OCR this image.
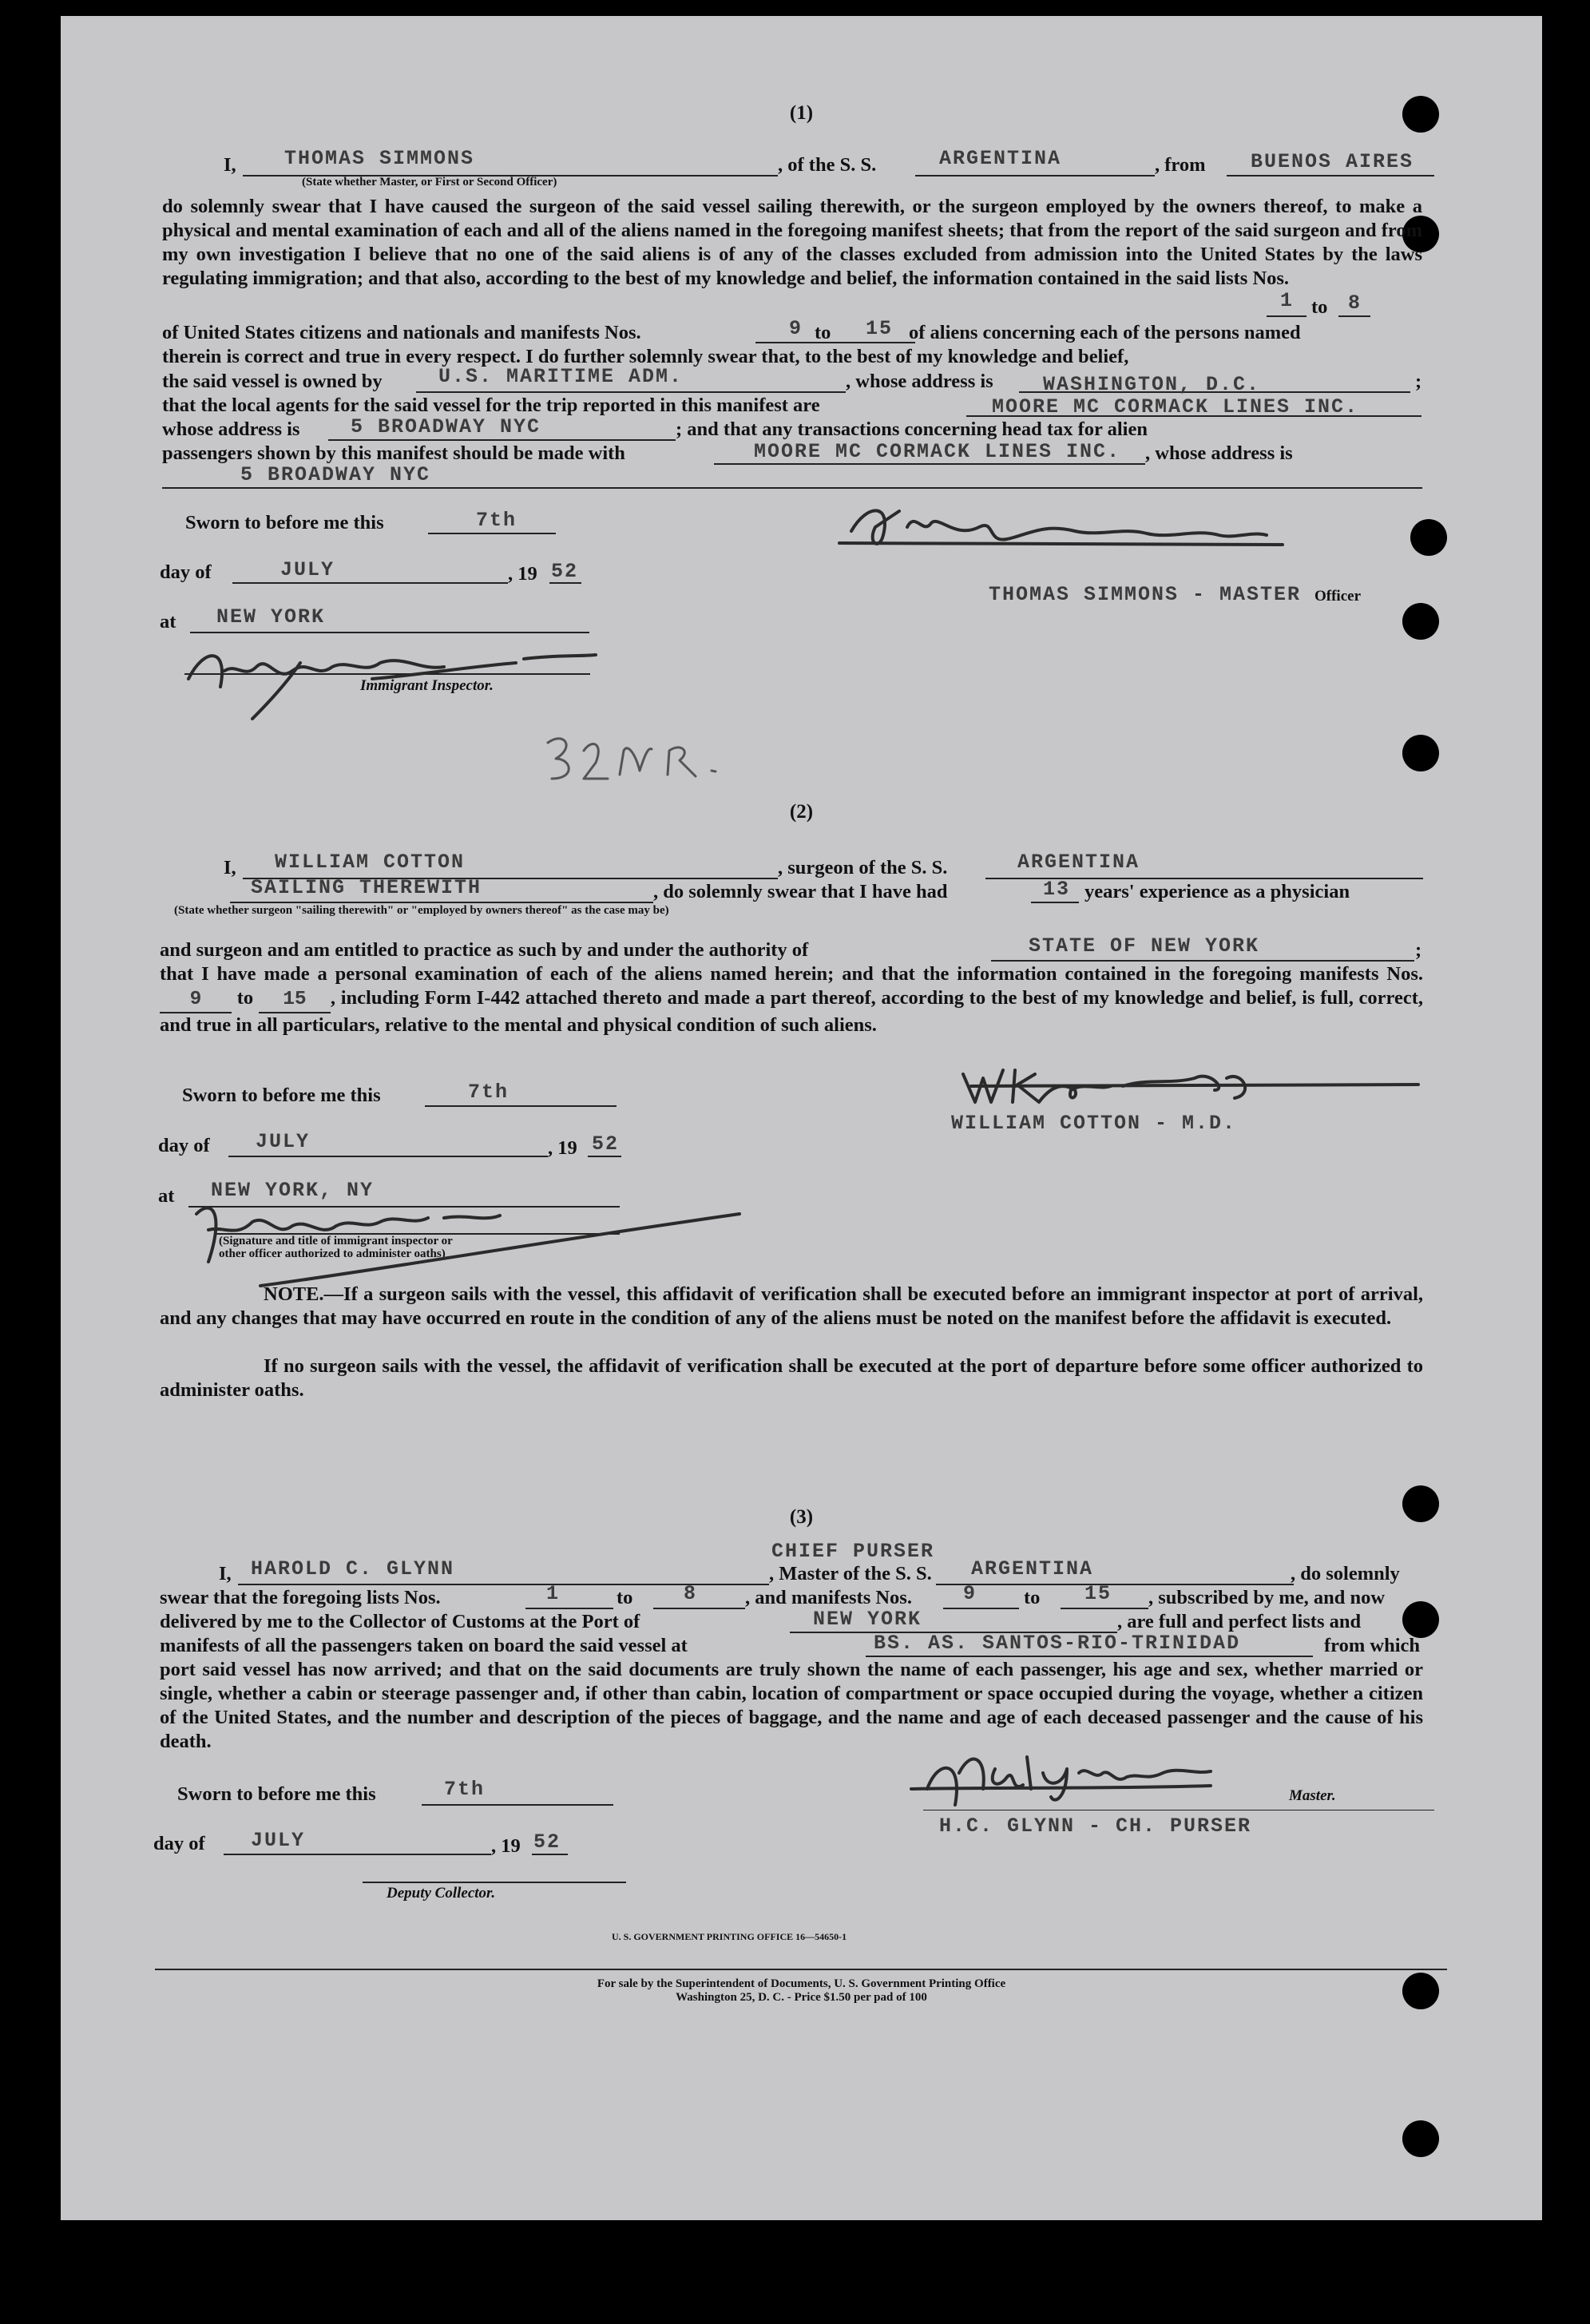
(1)
I, THOMAS SIMMONS	, of the S. S.	ARGENTINA	, from BUENOS AIRES
(State whether Master, or First or Second Officer)
do solemnly swear that I have caused the surgeon of the said vessel sailing therewith, or the surgeon employed by the owners thereof, to make a physical and mental examination of each and all of the aliens named in the foregoing manifest sheets; that from the report of the said surgeon and from my own investigation I believe that no one of the said aliens is of any of the classes excluded from admission into the United States by the laws regulating immigration; and that also, according to the best of my knowledge and belief, the information contained in the said lists Nos.
1 to 8
of United States citizens and nationals and manifests Nos.	9 to 15 of aliens concerning each of the persons named
therein is correct and true in every respect. I do further solemnly swear that, to the best of my knowledge and belief,
the said vessel is owned by	U.S. MARITIME ADM.	, whose address is WASHINGTON, D.C.	;
that the local agents for the said vessel for the trip reported in this manifest are	MOORE MC CORMACK LINES INC.
whose address is	5 BROADWAY NYC	; and that any transactions concerning head tax for alien
passengers shown by this manifest should be made with	MOORE MC CORMACK LINES INC. , whose address is
5 BROADWAY NYC
Sworn to before me this	7th
day of	JULY	, 19 52
at NEW YORK
Immigrant Inspector.
THOMAS SIMMONS - MASTER Officer
(2)
I, WILLIAM COTTON	, surgeon of the S. S.	ARGENTINA
SAILING THEREWITH	, do solemnly swear that I have had	13 years' experience as a physician
(State whether surgeon "sailing therewith" or "employed by owners thereof" as the case may be)
and surgeon and am entitled to practice as such by and under the authority of	STATE OF NEW YORK	;
that I have made a personal examination of each of the aliens named herein; and that the information contained in the foregoing manifests Nos. 9 to 15 , including Form I-442 attached thereto and made a part thereof, according to the best of my knowledge and belief, is full, correct, and true in all particulars, relative to the mental and physical condition of such aliens.
Sworn to before me this	7th
day of JULY	, 19 52
at NEW YORK, NY
(Signature and title of immigrant inspector or
other officer authorized to administer oaths)
WILLIAM COTTON - M.D.
NOTE.—If a surgeon sails with the vessel, this affidavit of verification shall be executed before an immigrant inspector at port of arrival, and any changes that may have occurred en route in the condition of any of the aliens must be noted on the manifest before the affidavit is executed.
If no surgeon sails with the vessel, the affidavit of verification shall be executed at the port of departure before some officer authorized to administer oaths.
(3)
CHIEF PURSER
I, HAROLD C. GLYNN	, Master of the S. S. ARGENTINA	, do solemnly
swear that the foregoing lists Nos.	1	to	8 , and manifests Nos.	9 to 15 , subscribed by me, and now
delivered by me to the Collector of Customs at the Port of	NEW YORK	, are full and perfect lists and
manifests of all the passengers taken on board the said vessel at	BS. AS. SANTOS-RIO-TRINIDAD	from which
port said vessel has now arrived; and that on the said documents are truly shown the name of each passenger, his age and sex, whether married or single, whether a cabin or steerage passenger and, if other than cabin, location of compartment or space occupied during the voyage, whether a citizen of the United States, and the number and description of the pieces of baggage, and the name and age of each deceased passenger and the cause of his death.
Sworn to before me this	7th
day of JULY	, 19 52
Deputy Collector.
Master.
H.C. GLYNN - CH. PURSER
U. S. GOVERNMENT PRINTING OFFICE 16—54650-1
For sale by the Superintendent of Documents, U. S. Government Printing Office
Washington 25, D. C. - Price $1.50 per pad of 100
